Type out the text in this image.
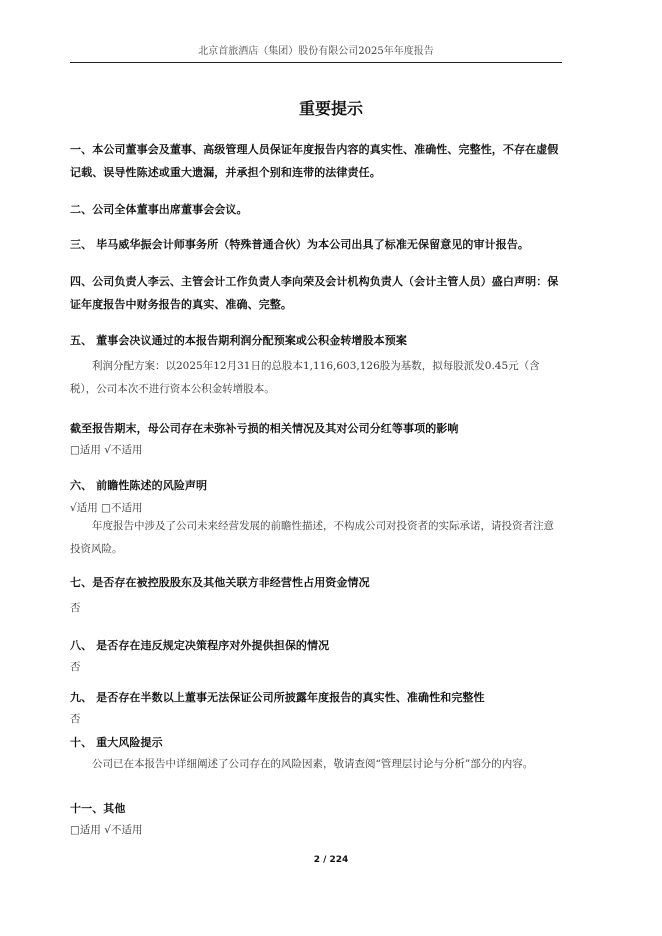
北京首旅酒店（集团）股份有限公司2025年年度报告
重要提示
一、本公司董事会及董事、高级管理人员保证年度报告内容的真实性、准确性、完整性，不存在虚假记载、误导性陈述或重大遗漏，并承担个别和连带的法律责任。
二、公司全体董事出席董事会会议。
三、 毕马威华振会计师事务所（特殊普通合伙）为本公司出具了标准无保留意见的审计报告。
四、公司负责人李云、主管会计工作负责人李向荣及会计机构负责人（会计主管人员）盛白声明：保证年度报告中财务报告的真实、准确、完整。
五、 董事会决议通过的本报告期利润分配预案或公积金转增股本预案
利润分配方案：以2025年12月31日的总股本1,116,603,126股为基数，拟每股派发0.45元（含税），公司本次不进行资本公积金转增股本。
截至报告期末，母公司存在未弥补亏损的相关情况及其对公司分红等事项的影响
□适用 √不适用
六、 前瞻性陈述的风险声明
√适用 □不适用
年度报告中涉及了公司未来经营发展的前瞻性描述，不构成公司对投资者的实际承诺，请投资者注意投资风险。
七、是否存在被控股股东及其他关联方非经营性占用资金情况
否
八、 是否存在违反规定决策程序对外提供担保的情况
否
九、 是否存在半数以上董事无法保证公司所披露年度报告的真实性、准确性和完整性
否
十、 重大风险提示
公司已在本报告中详细阐述了公司存在的风险因素，敬请查阅“管理层讨论与分析”部分的内容。
十一、其他
□适用 √不适用
2 / 224
